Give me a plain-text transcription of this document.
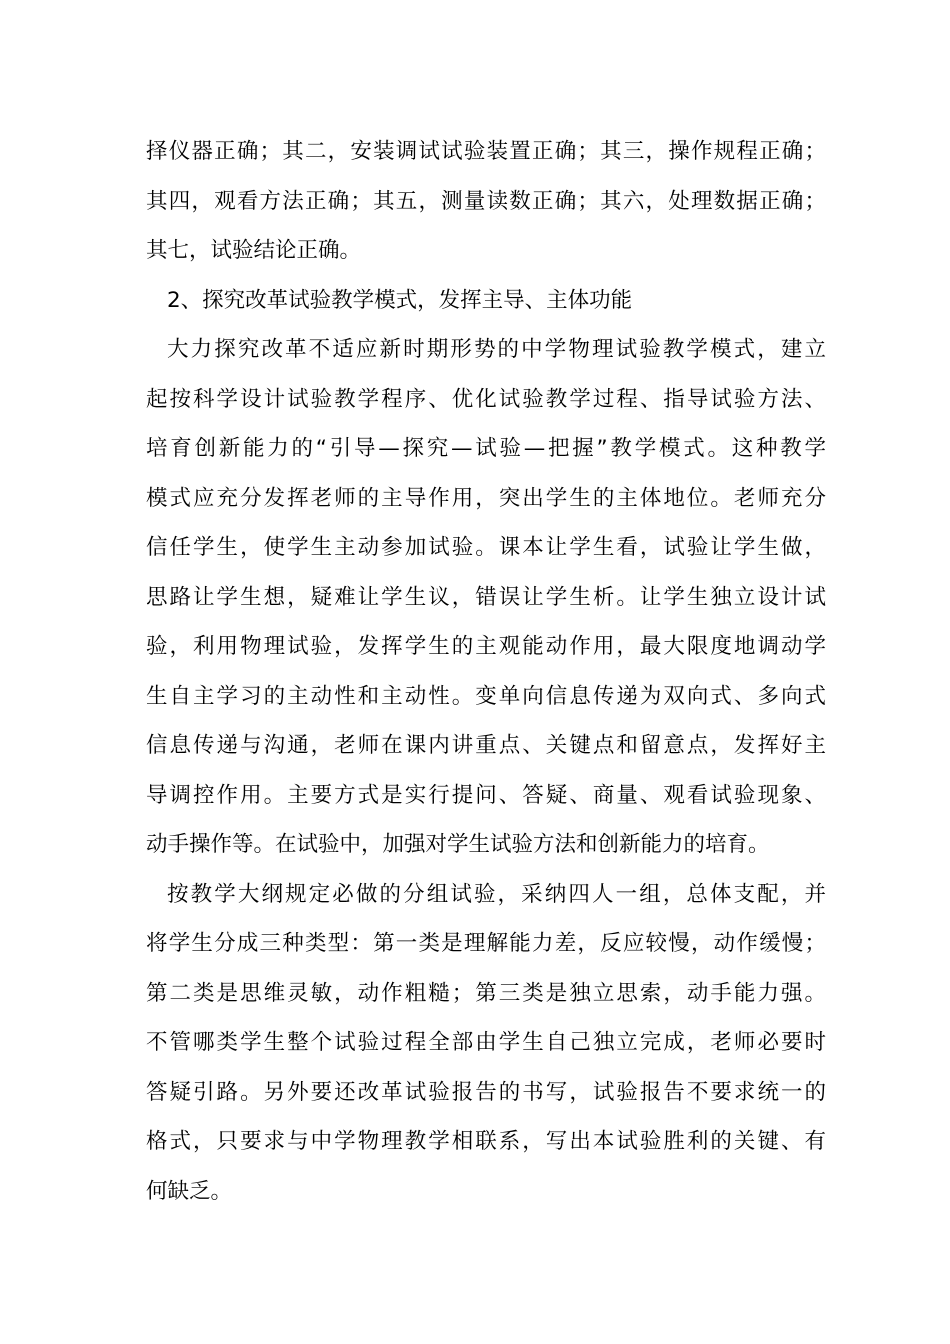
择仪器正确；其二，安装调试试验装置正确；其三，操作规程正确；
其四，观看方法正确；其五，测量读数正确；其六，处理数据正确；
其七，试验结论正确。
2、探究改革试验教学模式，发挥主导、主体功能
大力探究改革不适应新时期形势的中学物理试验教学模式，建立
起按科学设计试验教学程序、优化试验教学过程、指导试验方法、
培育创新能力的“引导—探究—试验—把握”教学模式。这种教学
模式应充分发挥老师的主导作用，突出学生的主体地位。老师充分
信任学生，使学生主动参加试验。课本让学生看，试验让学生做，
思路让学生想，疑难让学生议，错误让学生析。让学生独立设计试
验，利用物理试验，发挥学生的主观能动作用，最大限度地调动学
生自主学习的主动性和主动性。变单向信息传递为双向式、多向式
信息传递与沟通，老师在课内讲重点、关键点和留意点，发挥好主
导调控作用。主要方式是实行提问、答疑、商量、观看试验现象、
动手操作等。在试验中，加强对学生试验方法和创新能力的培育。
按教学大纲规定必做的分组试验，采纳四人一组，总体支配，并
将学生分成三种类型：第一类是理解能力差，反应较慢，动作缓慢；
第二类是思维灵敏，动作粗糙；第三类是独立思索，动手能力强。
不管哪类学生整个试验过程全部由学生自己独立完成，老师必要时
答疑引路。另外要还改革试验报告的书写，试验报告不要求统一的
格式，只要求与中学物理教学相联系，写出本试验胜利的关键、有
何缺乏。
